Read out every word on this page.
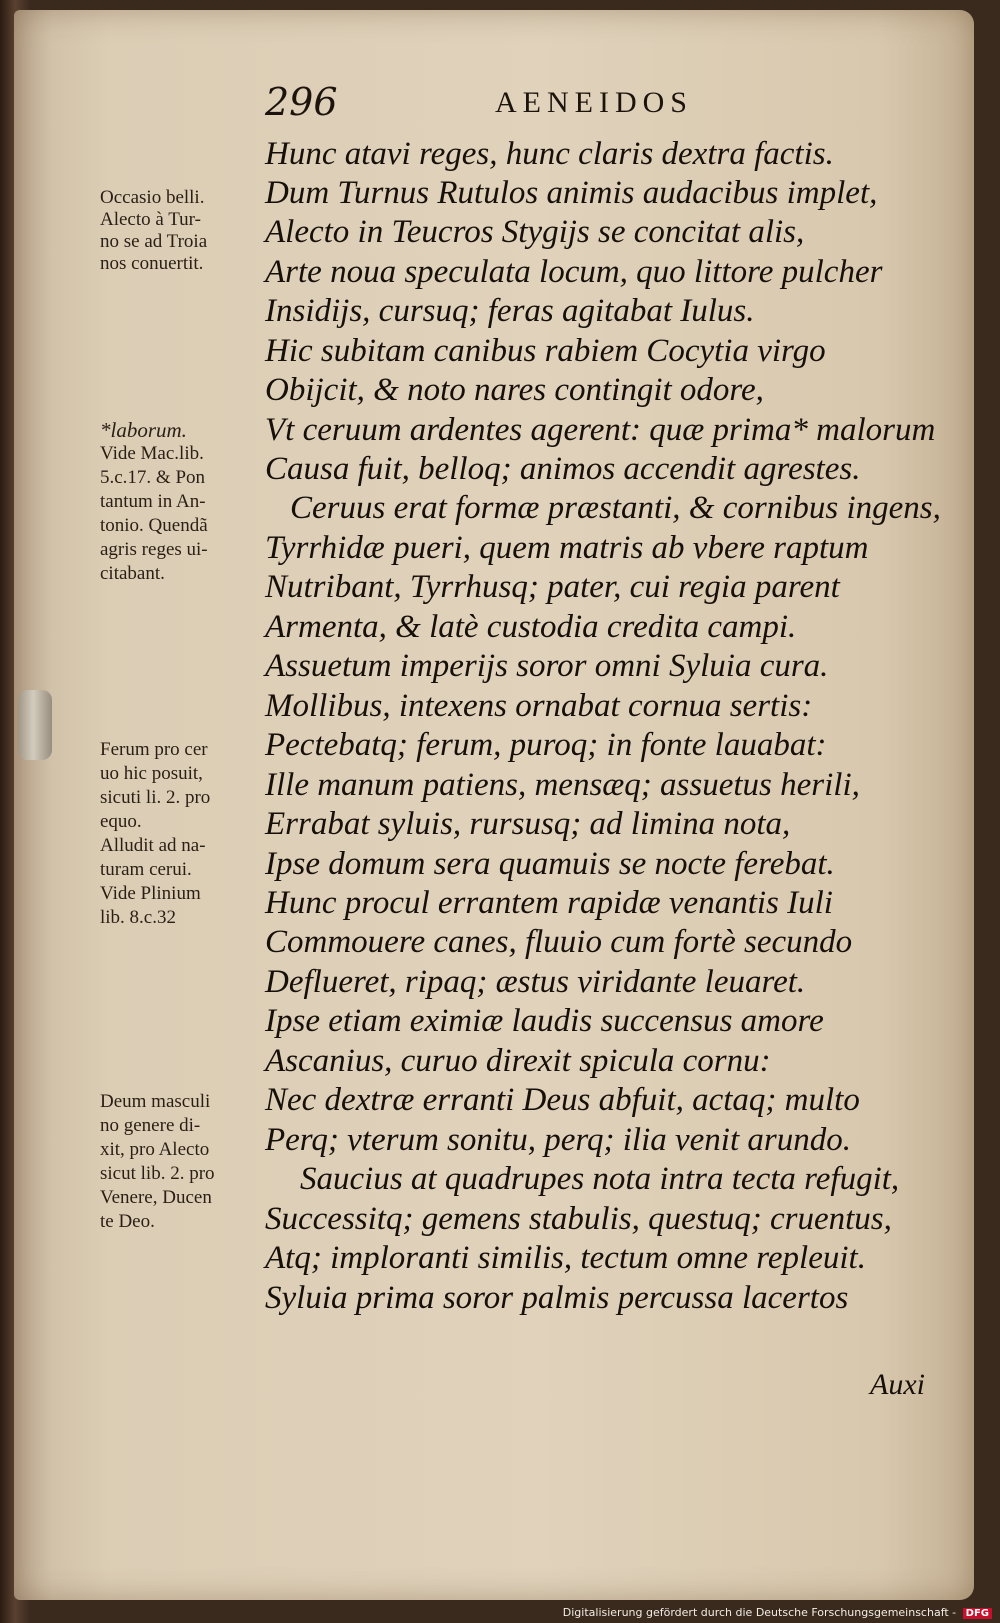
296	AENEIDOS
Hunc atavi reges, hunc claris dextra factis.
Dum Turnus Rutulos animis audacibus implet,
Alecto in Teucros Stygijs se concitat alis,
Arte noua speculata locum, quo littore pulcher
Insidijs, cursuq; feras agitabat Iulus.
Hic subitam canibus rabiem Cocytia virgo
Obijcit, & noto nares contingit odore,
Vt ceruum ardentes agerent: quæ prima* malorum
Causa fuit, belloq; animos accendit agrestes.
Ceruus erat formæ præstanti, & cornibus ingens,
Tyrrhidæ pueri, quem matris ab vbere raptum
Nutribant, Tyrrhusq; pater, cui regia parent
Armenta, & latè custodia credita campi.
Assuetum imperijs soror omni Syluia cura.
Mollibus, intexens ornabat cornua sertis:
Pectebatq; ferum, puroq; in fonte lauabat:
Ille manum patiens, mensæq; assuetus herili,
Errabat syluis, rursusq; ad limina nota,
Ipse domum sera quamuis se nocte ferebat.
Hunc procul errantem rapidæ venantis Iuli
Commouere canes, fluuio cum fortè secundo
Deflueret, ripaq; æstus viridante leuaret.
Ipse etiam eximiæ laudis succensus amore
Ascanius, curuo direxit spicula cornu:
Nec dextræ erranti Deus abfuit, actaq; multo
Perq; vterum sonitu, perq; ilia venit arundo.
Saucius at quadrupes nota intra tecta refugit,
Successitq; gemens stabulis, questuq; cruentus,
Atq; imploranti similis, tectum omne repleuit.
Syluia prima soror palmis percussa lacertos
Occasio belli.
Alecto à Tur-
no se ad Troia
nos conuertit.
*laborum.
Vide Mac.lib.
5.c.17. & Pon
tantum in An-
tonio. Quendã
agris reges ui-
citabant.
Ferum pro cer
uo hic posuit,
sicuti li. 2. pro
equo.
Alludit ad na-
turam cerui.
Vide Plinium
lib. 8.c.32
Deum masculi
no genere di-
xit, pro Alecto
sicut lib. 2. pro
Venere, Ducen
te Deo.
Auxi
Digitalisierung gefördert durch die Deutsche Forschungsgemeinschaft - DFG
